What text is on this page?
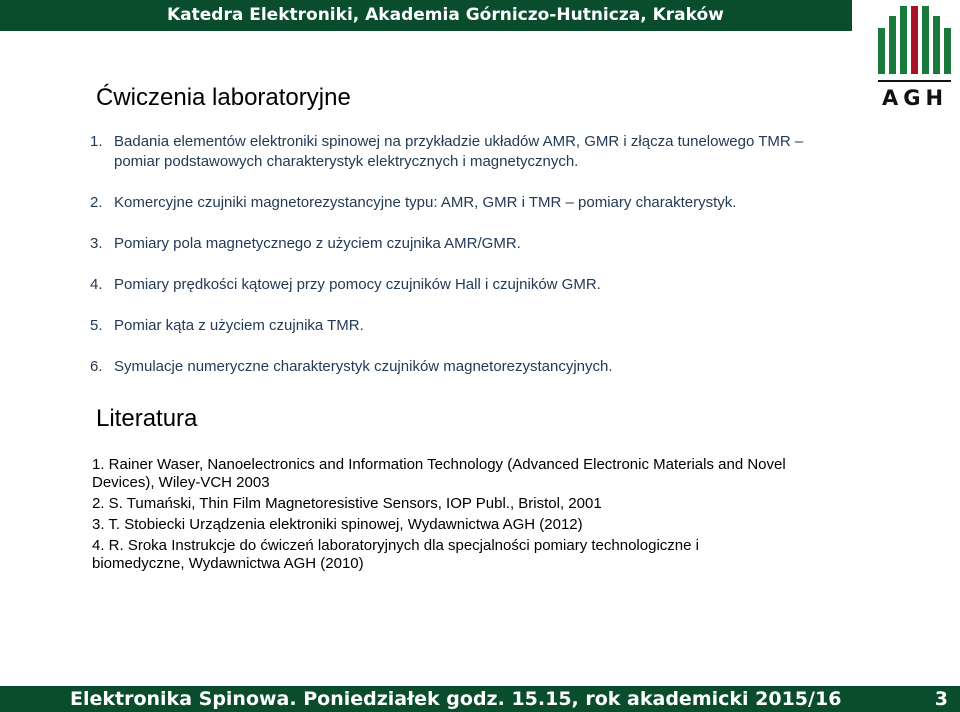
Katedra Elektroniki, Akademia Górniczo-Hutnicza, Kraków
AGH
Ćwiczenia laboratoryjne
1. Badania elementów elektroniki spinowej na przykładzie układów AMR, GMR i złącza tunelowego TMR – pomiar podstawowych charakterystyk elektrycznych i magnetycznych.
2. Komercyjne czujniki magnetorezystancyjne typu: AMR, GMR i TMR – pomiary charakterystyk.
3. Pomiary pola magnetycznego z użyciem czujnika AMR/GMR.
4. Pomiary prędkości kątowej przy pomocy czujników Hall i czujników GMR.
5. Pomiar kąta z użyciem czujnika TMR.
6. Symulacje numeryczne charakterystyk czujników magnetorezystancyjnych.
Literatura
1. Rainer Waser, Nanoelectronics and Information Technology (Advanced Electronic Materials and Novel Devices), Wiley-VCH 2003
2. S. Tumański, Thin Film Magnetoresistive Sensors, IOP Publ., Bristol, 2001
3. T. Stobiecki Urządzenia elektroniki spinowej, Wydawnictwa AGH (2012)
4. R. Sroka Instrukcje do ćwiczeń laboratoryjnych dla specjalności pomiary technologiczne i biomedyczne, Wydawnictwa AGH (2010)
Elektronika Spinowa. Poniedziałek godz. 15.15, rok akademicki 2015/16	3
